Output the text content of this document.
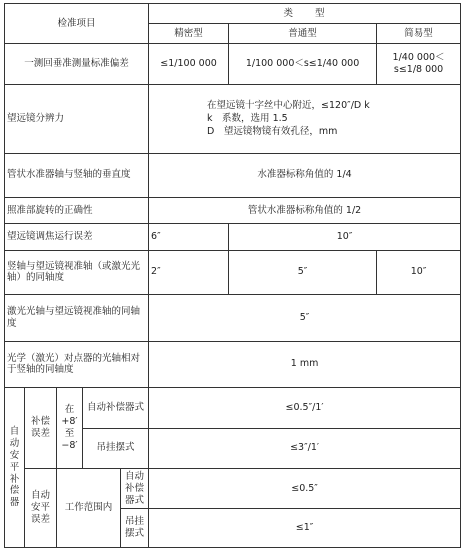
检准项目					类　　型		
					精密型	普通型	简易型
一测回垂准测量标准偏差					≤1/100 000	1/100 000＜s≤1/40 000	1/40 000＜s≤1/8 000
望远镜分辨力					在望远镜十字丝中心附近，≤120″/D k
k　系数，选用 1.5
D　望远镜物镜有效孔径，mm		

管状水准器轴与竖轴的垂直度					水准器标称角值的 1/4		
照准部旋转的正确性					管状水准器标称角值的 1/2		
望远镜调焦运行误差					6″	10″	
竖轴与望远镜视准轴（或激光光轴）的同轴度					2″	5″	10″
激光光轴与望远镜视准轴的同轴度					5″		
光学（激光）对点器的光轴相对于竖轴的同轴度					1 mm		
自动安平补偿器	补偿误差	在+8′至−8′	自动补偿器式		≤0.5″/1′		
			吊挂摆式		≤3″/1′		
	自动安平误差	工作范围内		自动补偿器式	≤0.5″		
				吊挂摆式	≤1″		
